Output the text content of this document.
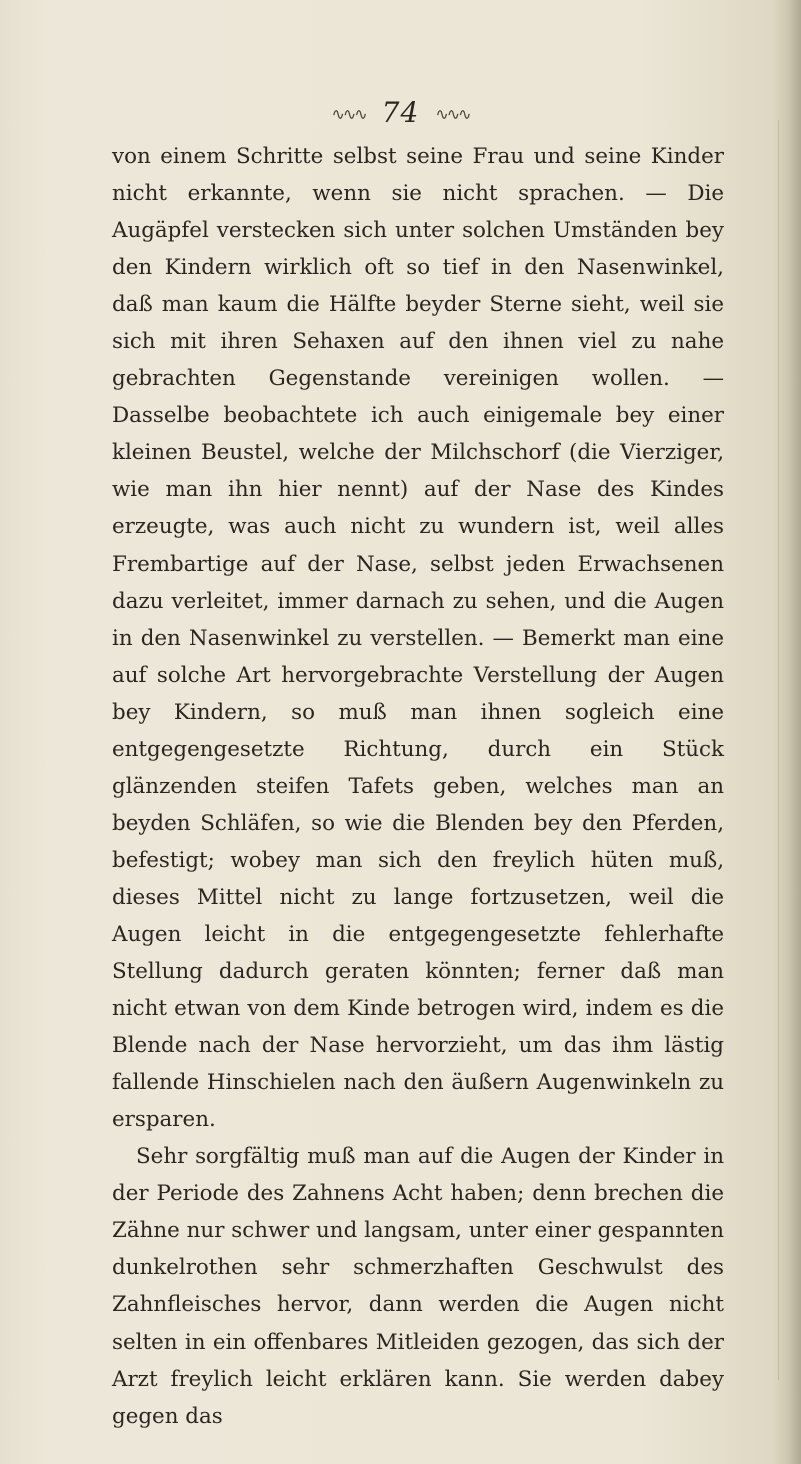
∿∿∿ 74 ∿∿∿

von einem Schritte selbst seine Frau und seine Kinder nicht erkannte, wenn sie nicht sprachen. — Die Augäpfel verstecken sich unter solchen Umständen bey den Kindern wirklich oft so tief in den Nasenwinkel, daß man kaum die Hälfte beyder Sterne sieht, weil sie sich mit ihren Sehaxen auf den ihnen viel zu nahe gebrachten Gegenstande vereinigen wollen. — Dasselbe beobachtete ich auch einigemale bey einer kleinen Beustel, welche der Milchschorf (die Vierziger, wie man ihn hier nennt) auf der Nase des Kindes erzeugte, was auch nicht zu wundern ist, weil alles Frembartige auf der Nase, selbst jeden Erwachsenen dazu verleitet, immer darnach zu sehen, und die Augen in den Nasenwinkel zu verstellen. — Bemerkt man eine auf solche Art hervorgebrachte Verstellung der Augen bey Kindern, so muß man ihnen sogleich eine entgegengesetzte Richtung, durch ein Stück glänzenden steifen Tafets geben, welches man an beyden Schläfen, so wie die Blenden bey den Pferden, befestigt; wobey man sich den freylich hüten muß, dieses Mittel nicht zu lange fortzusetzen, weil die Augen leicht in die entgegengesetzte fehlerhafte Stellung dadurch geraten könnten; ferner daß man nicht etwan von dem Kinde betrogen wird, indem es die Blende nach der Nase hervorzieht, um das ihm lästig fallende Hinschielen nach den äußern Augenwinkeln zu ersparen.

Sehr sorgfältig muß man auf die Augen der Kinder in der Periode des Zahnens Acht haben; denn brechen die Zähne nur schwer und langsam, unter einer gespannten dunkelrothen sehr schmerzhaften Geschwulst des Zahnfleisches hervor, dann werden die Augen nicht selten in ein offenbares Mitleiden gezogen, das sich der Arzt freylich leicht erklären kann. Sie werden dabey gegen das
